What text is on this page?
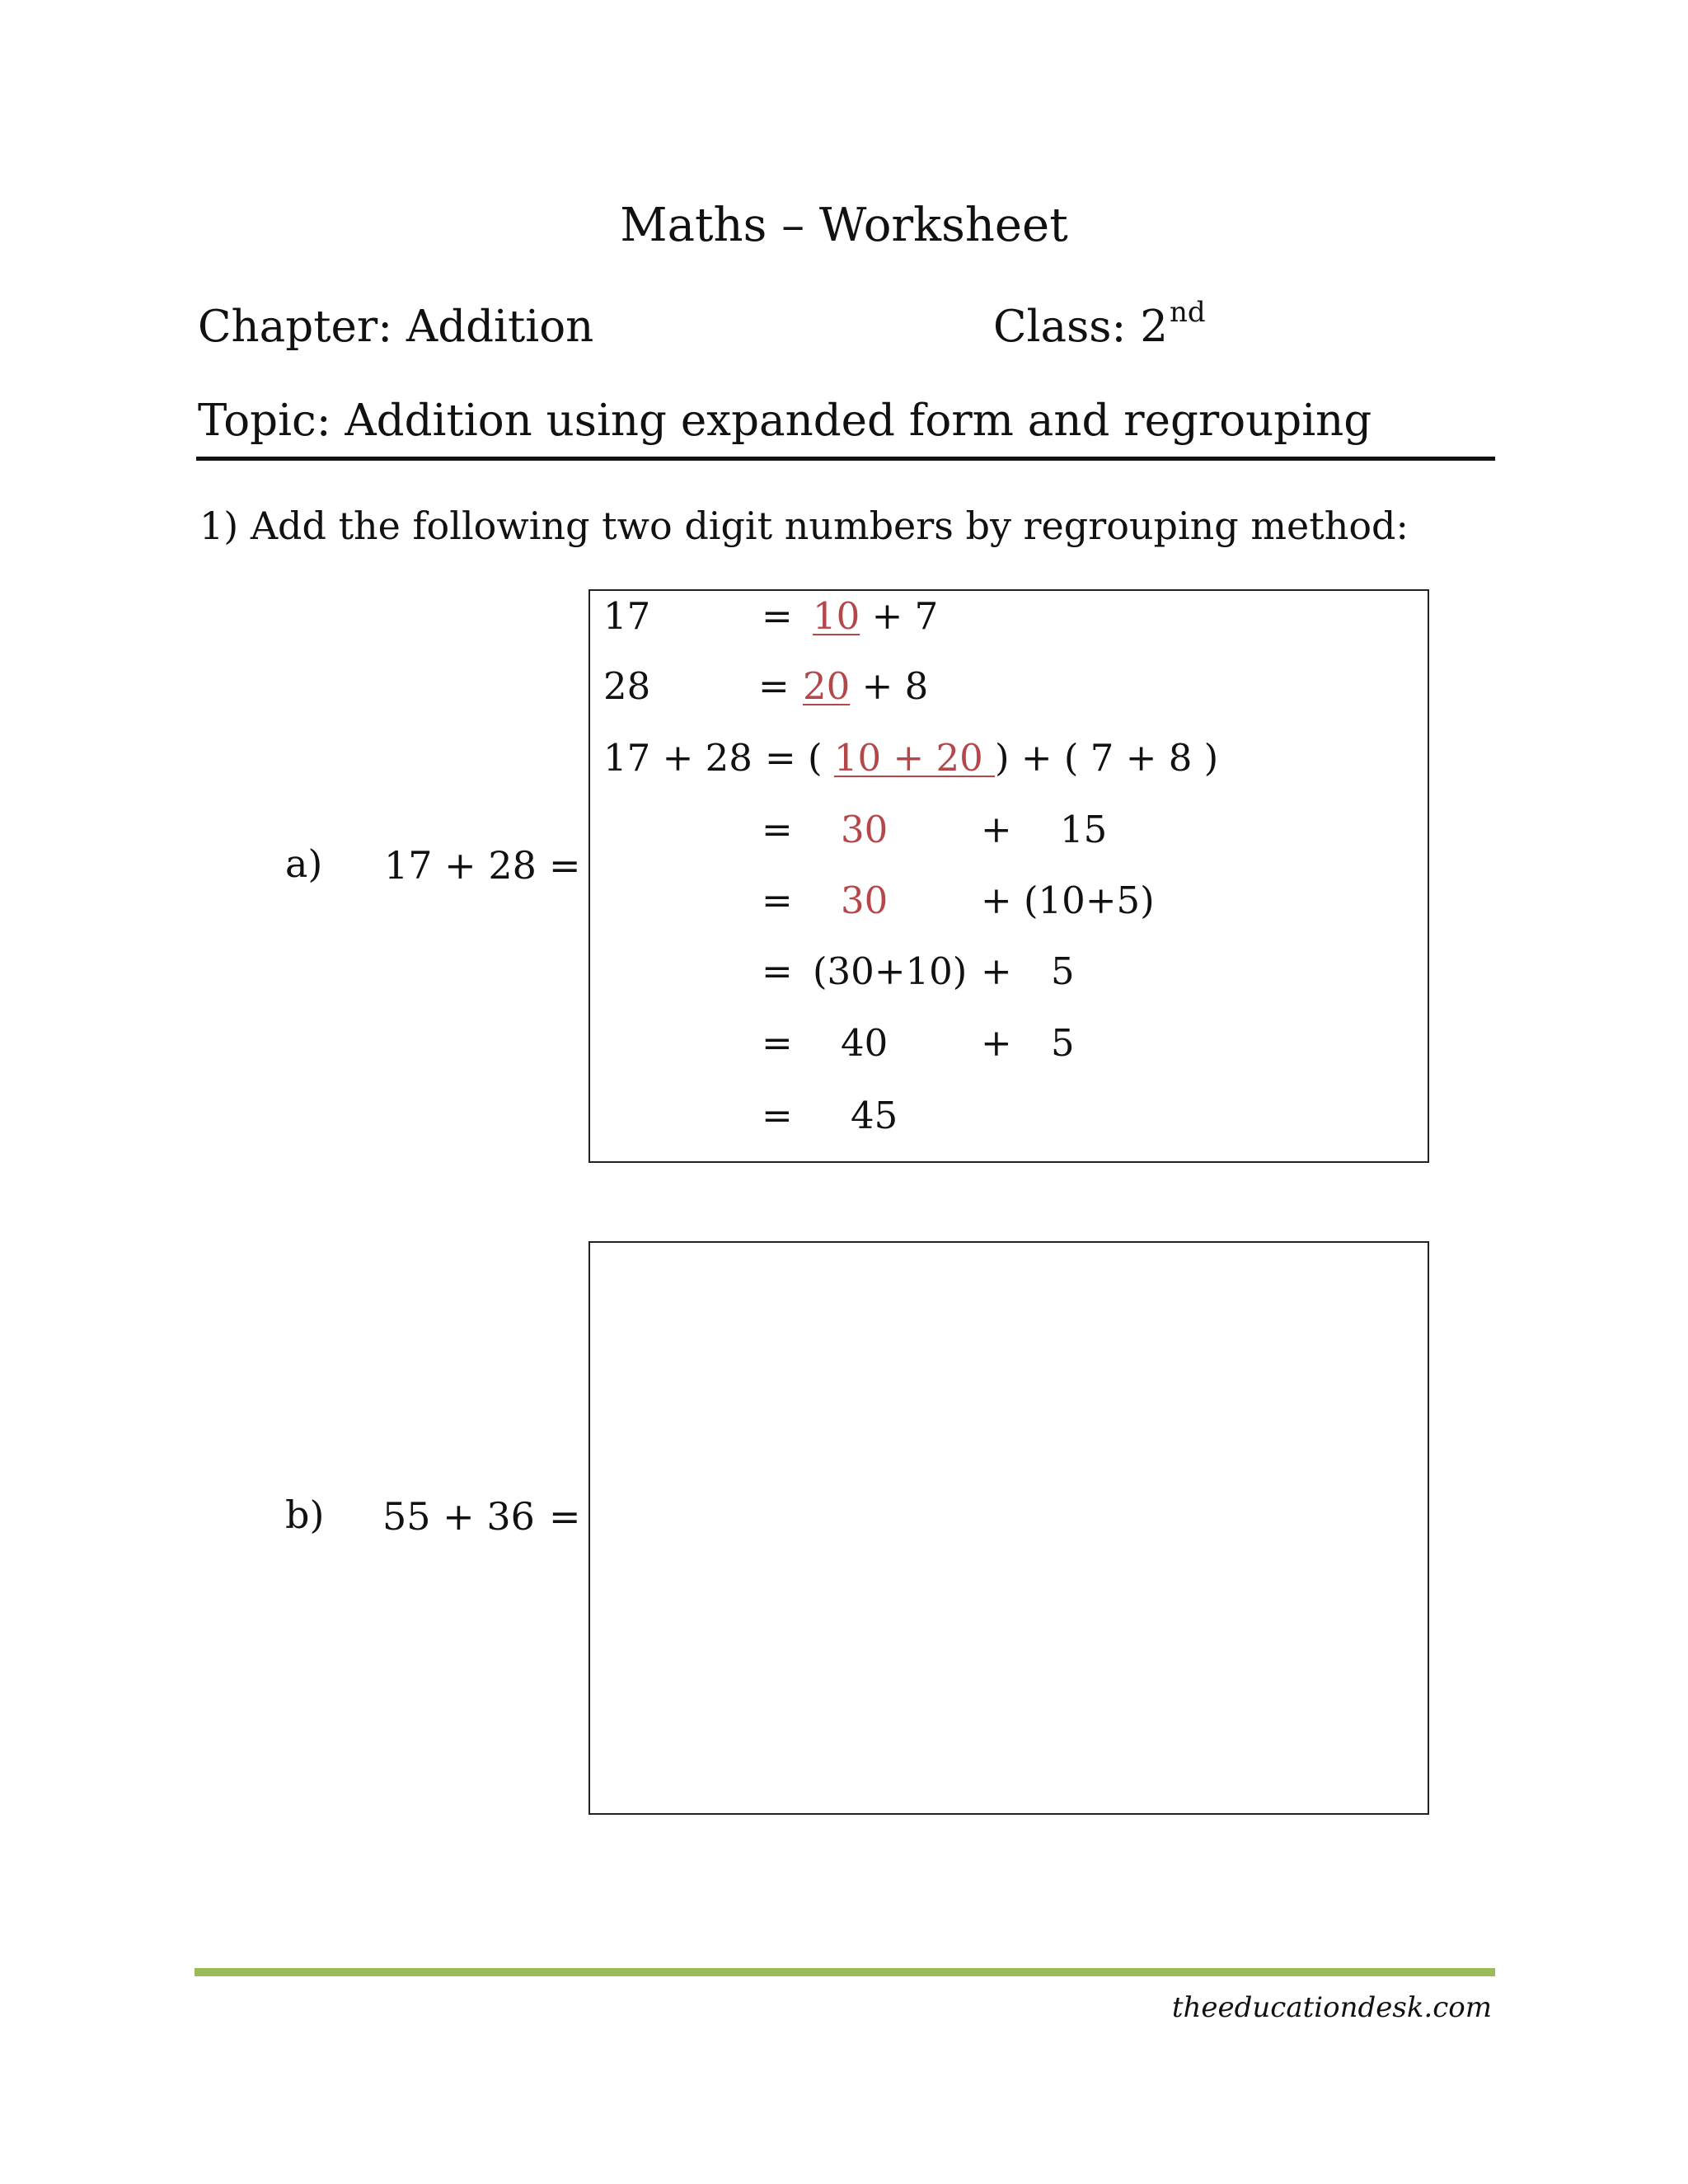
Maths – Worksheet
Chapter: Addition	Class: 2nd
Topic: Addition using expanded form and regrouping
1) Add the following two digit numbers by regrouping method:
a) 17 + 28 =
17	= 10 + 7
28	= 20 + 8
17 + 28 = ( 10 + 20 ) + ( 7 + 8 )
= 30	+ 15
= 30	+ (10+5)
= (30+10) + 5
= 40	+ 5
= 45
b) 55 + 36 =
theeducationdesk.com
